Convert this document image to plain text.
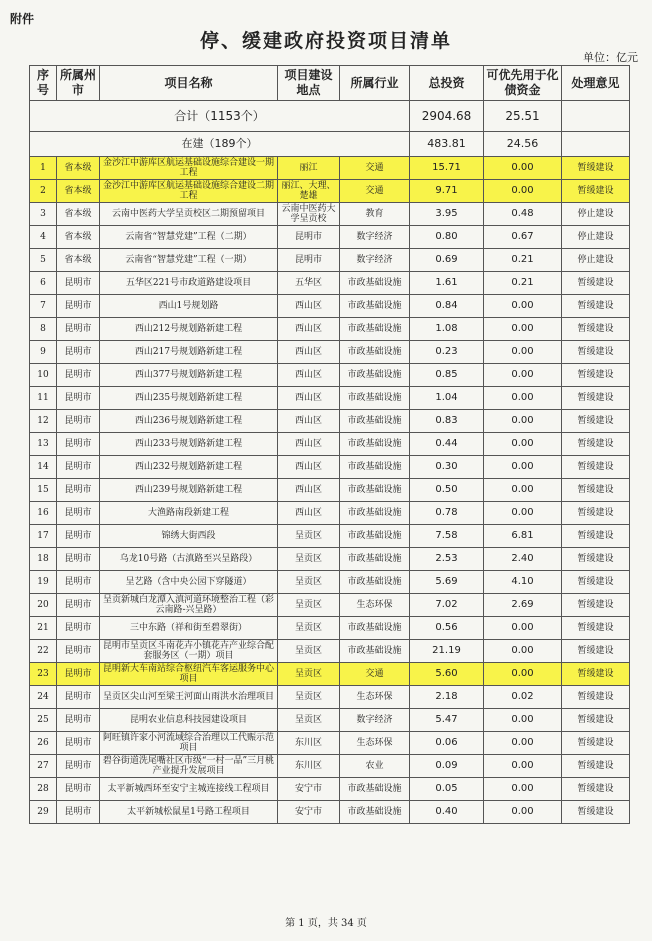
附件
停、缓建政府投资项目清单
单位：亿元
序号	所属州市	项目名称	项目建设地点	所属行业	总投资	可优先用于化债资金	处理意见
合计（1153个）					2904.68	25.51	
在建（189个）					483.81	24.56	
1	省本级	金沙江中游库区航运基础设施综合建设一期工程	丽江	交通	15.71	0.00	暂缓建设
2	省本级	金沙江中游库区航运基础设施综合建设二期工程	丽江、大理、楚雄	交通	9.71	0.00	暂缓建设
3	省本级	云南中医药大学呈贡校区二期预留项目	云南中医药大学呈贡校	教育	3.95	0.48	停止建设
4	省本级	云南省“智慧党建”工程（二期）	昆明市	数字经济	0.80	0.67	停止建设
5	省本级	云南省“智慧党建”工程（一期）	昆明市	数字经济	0.69	0.21	停止建设
6	昆明市	五华区221号市政道路建设项目	五华区	市政基础设施	1.61	0.21	暂缓建设
7	昆明市	西山1号规划路	西山区	市政基础设施	0.84	0.00	暂缓建设
8	昆明市	西山212号规划路新建工程	西山区	市政基础设施	1.08	0.00	暂缓建设
9	昆明市	西山217号规划路新建工程	西山区	市政基础设施	0.23	0.00	暂缓建设
10	昆明市	西山377号规划路新建工程	西山区	市政基础设施	0.85	0.00	暂缓建设
11	昆明市	西山235号规划路新建工程	西山区	市政基础设施	1.04	0.00	暂缓建设
12	昆明市	西山236号规划路新建工程	西山区	市政基础设施	0.83	0.00	暂缓建设
13	昆明市	西山233号规划路新建工程	西山区	市政基础设施	0.44	0.00	暂缓建设
14	昆明市	西山232号规划路新建工程	西山区	市政基础设施	0.30	0.00	暂缓建设
15	昆明市	西山239号规划路新建工程	西山区	市政基础设施	0.50	0.00	暂缓建设
16	昆明市	大渔路南段新建工程	西山区	市政基础设施	0.78	0.00	暂缓建设
17	昆明市	锦绣大街西段	呈贡区	市政基础设施	7.58	6.81	暂缓建设
18	昆明市	乌龙10号路（古滇路至兴呈路段）	呈贡区	市政基础设施	2.53	2.40	暂缓建设
19	昆明市	呈艺路（含中央公园下穿隧道）	呈贡区	市政基础设施	5.69	4.10	暂缓建设
20	昆明市	呈贡新城白龙潭入滇河道环境整治工程（彩云南路-兴呈路）	呈贡区	生态环保	7.02	2.69	暂缓建设
21	昆明市	三中东路（祥和街至碧翠街）	呈贡区	市政基础设施	0.56	0.00	暂缓建设
22	昆明市	昆明市呈贡区斗南花卉小镇花卉产业综合配套服务区（一期）项目	呈贡区	市政基础设施	21.19	0.00	暂缓建设
23	昆明市	昆明新大车南站综合枢纽汽车客运服务中心项目	呈贡区	交通	5.60	0.00	暂缓建设
24	昆明市	呈贡区尖山河至梁王河面山雨洪水治理项目	呈贡区	生态环保	2.18	0.02	暂缓建设
25	昆明市	昆明农业信息科技园建设项目	呈贡区	数字经济	5.47	0.00	暂缓建设
26	昆明市	阿旺镇许家小河流域综合治理以工代赈示范项目	东川区	生态环保	0.06	0.00	暂缓建设
27	昆明市	碧谷街道洗尾嘴社区市级“一村一品”三月桃产业提升发展项目	东川区	农业	0.09	0.00	暂缓建设
28	昆明市	太平新城西环至安宁主城连接线工程项目	安宁市	市政基础设施	0.05	0.00	暂缓建设
29	昆明市	太平新城松鼠星1号路工程项目	安宁市	市政基础设施	0.40	0.00	暂缓建设
第 1 页，共 34 页
